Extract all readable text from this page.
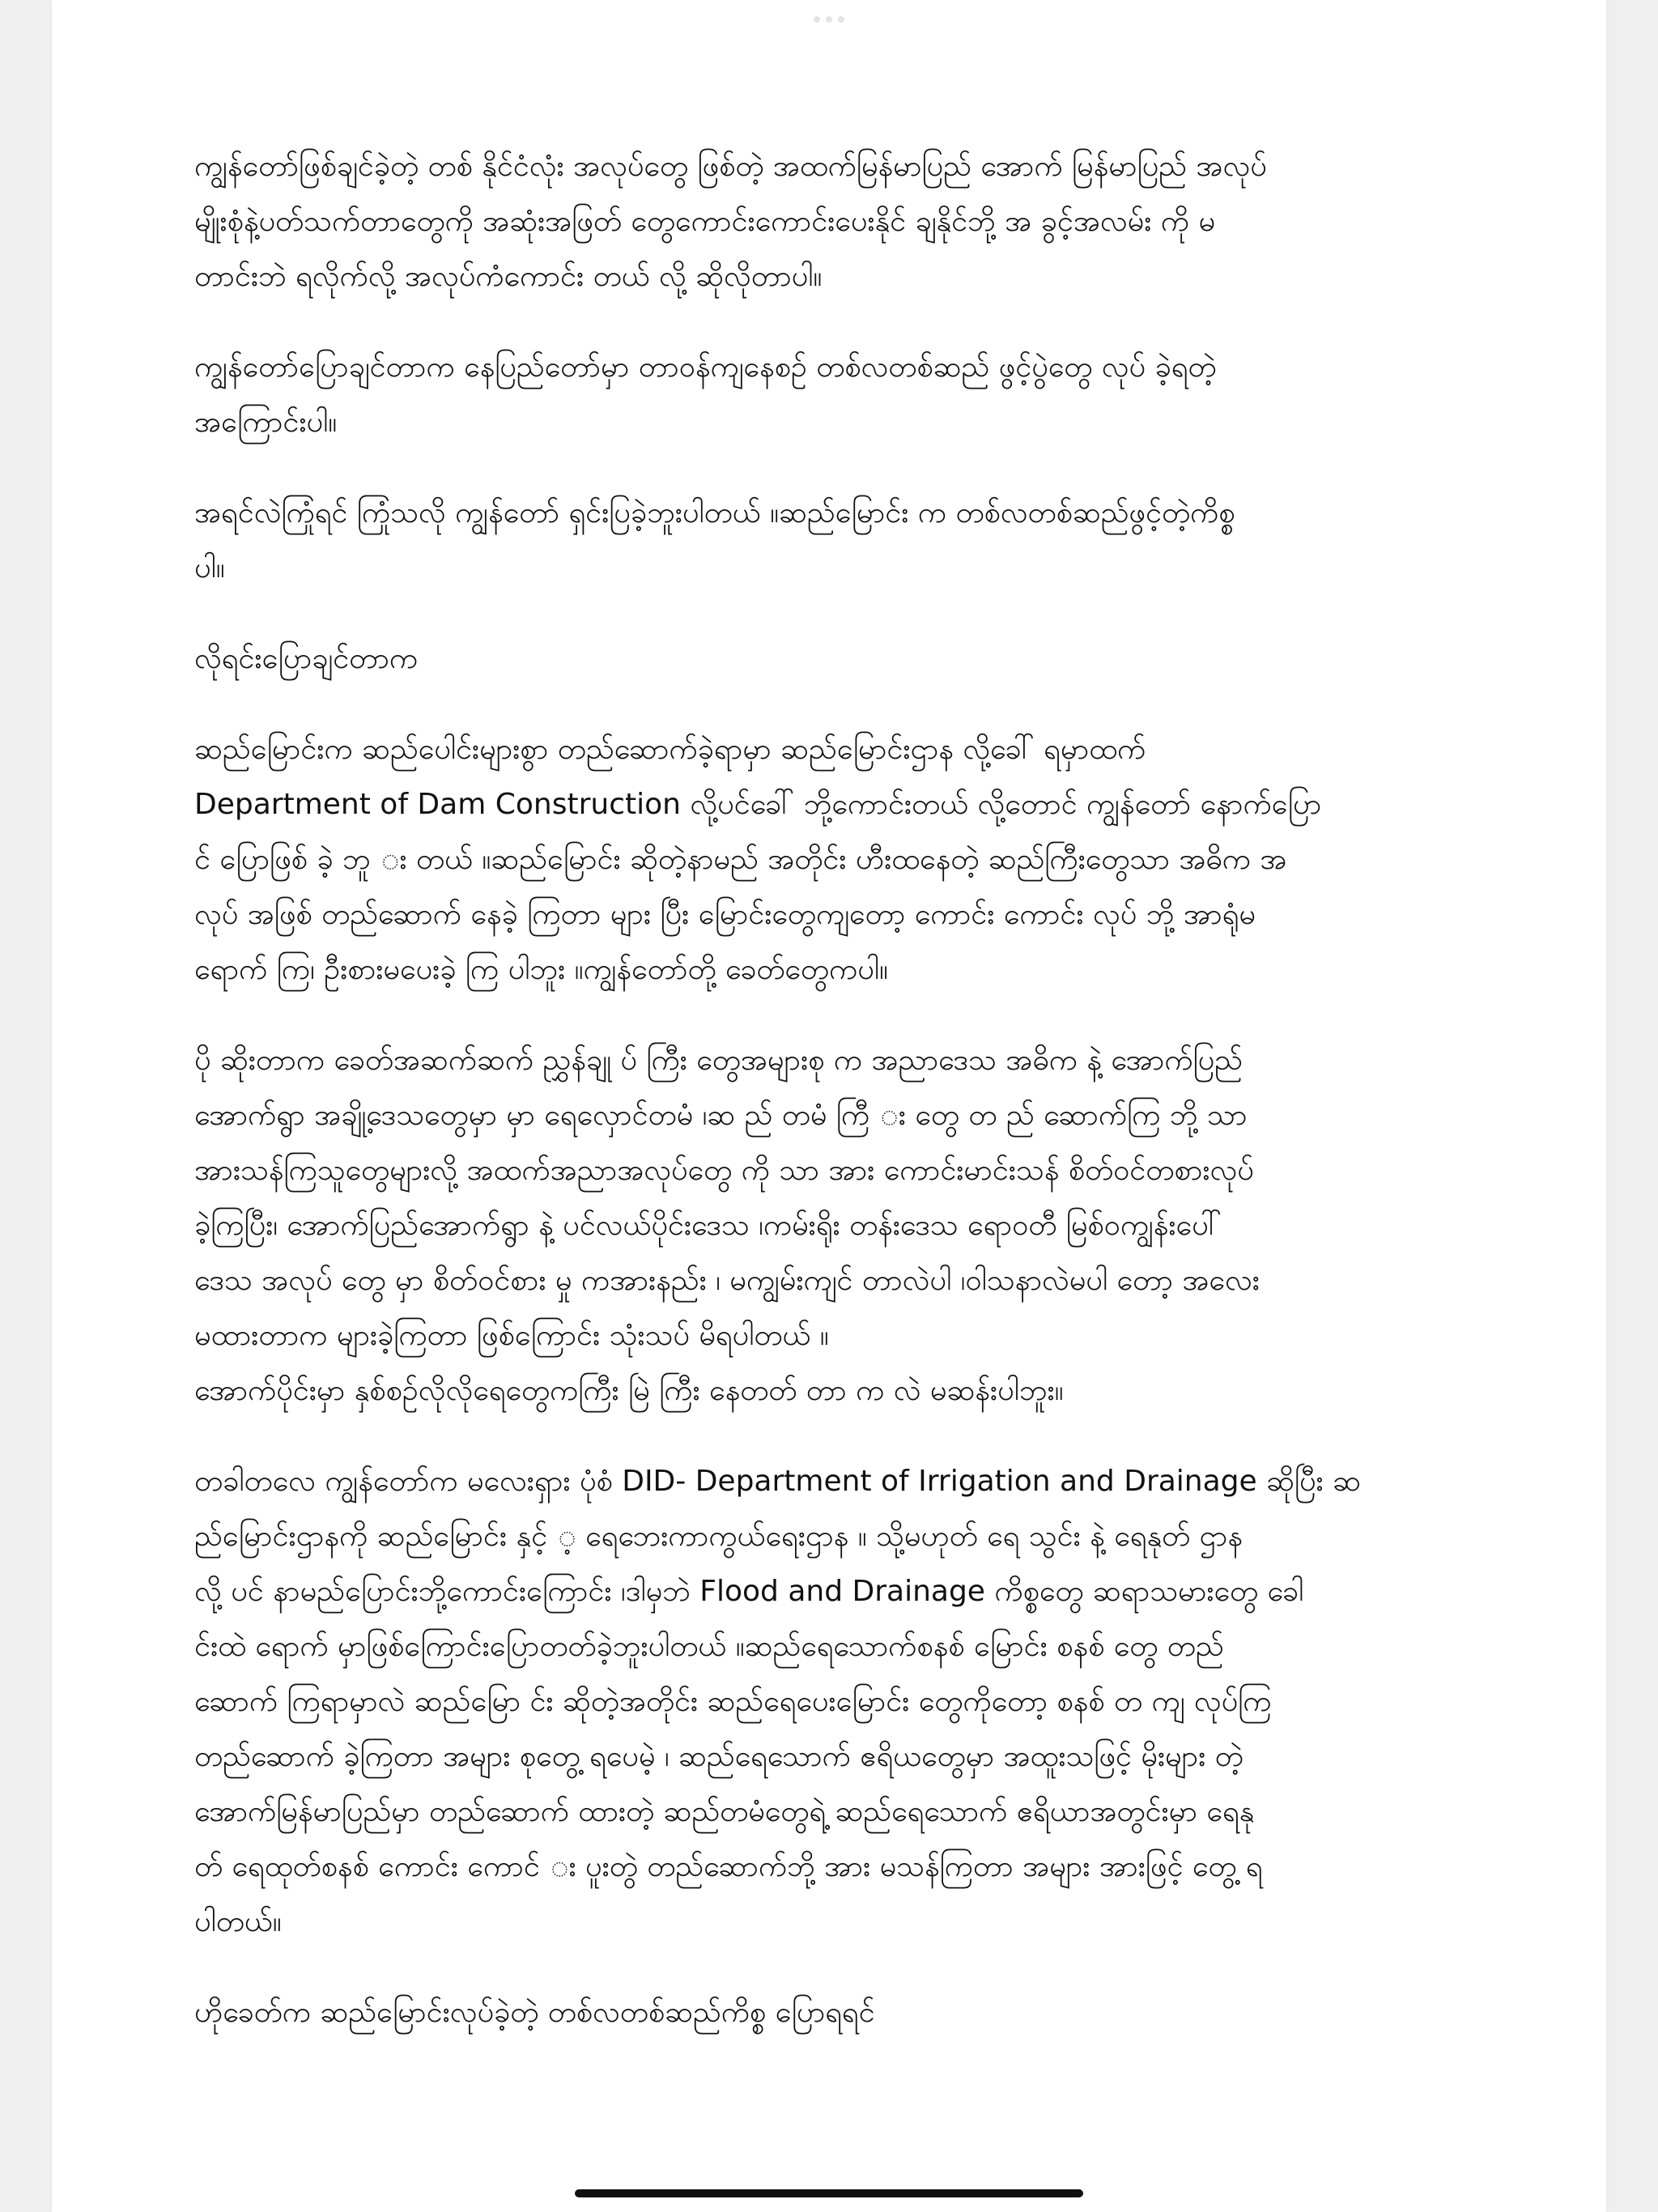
ကျွန်တော်ဖြစ်ချင်ခဲ့တဲ့ တစ် နိုင်ငံလုံး အလုပ်တွေ ဖြစ်တဲ့ အထက်မြန်မာပြည် အောက် မြန်မာပြည် အလုပ်
မျိုးစုံနဲ့ပတ်သက်တာတွေကို အဆုံးအဖြတ် တွေကောင်းကောင်းပေးနိုင် ချနိုင်ဘို့ အ ခွင့်အလမ်း ကို မ
တာင်းဘဲ ရလိုက်လို့ အလုပ်ကံကောင်း တယ် လို့ ဆိုလိုတာပါ။

ကျွန်တော်ပြောချင်တာက နေပြည်တော်မှာ တာဝန်ကျနေစဥ် တစ်လတစ်ဆည် ဖွင့်ပွဲတွေ လုပ် ခဲ့ရတဲ့
အကြောင်းပါ။

အရင်လဲကြုံရင် ကြုံသလို ကျွန်တော် ရှင်းပြခဲ့ဘူးပါတယ် ။ဆည်မြောင်း က တစ်လတစ်ဆည်ဖွင့်တဲ့ကိစ္စ
ပါ။

လိုရင်းပြောချင်တာက

ဆည်မြောင်းက ဆည်ပေါင်းများစွာ တည်ဆောက်ခဲ့ရာမှာ ဆည်မြောင်းဌာန လို့ခေါ် ရမှာထက်
Department of Dam Construction လို့ပင်ခေါ် ဘို့ကောင်းတယ် လို့တောင် ကျွန်တော် နောက်ပြော
င် ပြောဖြစ် ခဲ့ ဘူ း တယ် ။ဆည်မြောင်း ဆိုတဲ့နာမည် အတိုင်း ဟီးထနေတဲ့ ဆည်ကြီးတွေသာ အဓိက အ
လုပ် အဖြစ် တည်ဆောက် နေခဲ့ ကြတာ များ ပြီး မြောင်းတွေကျတော့ ကောင်း ကောင်း လုပ် ဘို့ အာရုံမ
ရောက် ကြ၊ ဦးစားမပေးခဲ့ ကြ ပါဘူး ။ကျွန်တော်တို့ ခေတ်တွေကပါ။

ပို ဆိုးတာက ခေတ်အဆက်ဆက် ညွှန်ချု ပ် ကြီး တွေအများစု က အညာဒေသ အဓိက နဲ့ အောက်ပြည်‌
အောက်ရွာ အချို့ဒေသတွေမှာ မှာ ရေလှောင်တမံ ၊ဆ ည် တမံ ကြီ း တွေ တ ည် ဆောက်ကြ ဘို့ သာ
အားသန်ကြသူတွေများလို့ အထက်အညာအလုပ်တွေ ကို သာ အား ကောင်းမာင်းသန် စိတ်ဝင်တစားလုပ်
ခဲ့ကြပြီး၊ အောက်ပြည်အောက်ရွာ နဲ့ ပင်လယ်ပိုင်းဒေသ ၊ကမ်းရိုး တန်းဒေသ ရောဝတီ မြစ်ဝကျွန်းပေါ်
ဒေသ အလုပ် တွေ မှာ စိတ်ဝင်စား မှု ကအားနည်း ၊ မကျွမ်းကျင် တာလဲပါ ၊ဝါသနာလဲမပါ တော့ အလေး
မထားတာက များခဲ့ကြတာ ဖြစ်ကြောင်း သုံးသပ် မိရပါတယ် ။
အောက်ပိုင်းမှာ နှစ်စဉ်လိုလိုရေတွေကကြီး မြဲ ကြီး နေတတ် တာ က လဲ မဆန်းပါဘူး။

တခါတလေ ကျွန်တော်က မလေးရှား ပုံစံ DID- Department of Irrigation and Drainage ဆိုပြီး ဆ
ည်မြောင်းဌာနကို ဆည်မြောင်း နှင့် ့ ရေဘေးကာကွယ်ရေးဌာန ။ သို့မဟုတ် ရေ သွင်း နဲ့ ရေနုတ် ဌာန
လို့ ပင် နာမည်ပြောင်းဘို့ကောင်းကြောင်း ၊ဒါမှဘဲ Flood and Drainage ကိစ္စတွေ ဆရာသမားတွေ ခေါ
င်းထဲ ရောက် မှာဖြစ်ကြောင်းပြောတတ်ခဲ့ဘူးပါတယ် ။ဆည်ရေသောက်စနစ် မြောင်း စနစ် တွေ တည်
ဆောက် ကြရာမှာလဲ ဆည်မြော င်း ဆိုတဲ့အတိုင်း ဆည်ရေပေးမြောင်း တွေကိုတော့ စနစ် တ ကျ လုပ်ကြ
တည်ဆောက် ခဲ့ကြတာ အများ စုတွေ့ ရပေမဲ့ ၊ ဆည်ရေသောက် ဧရိယတွေမှာ အထူးသဖြင့် မိုးများ တဲ့
အောက်မြန်မာပြည်မှာ တည်ဆောက် ထားတဲ့ ဆည်တမံတွေရဲ့ ဆည်ရေသောက် ဧရိယာအတွင်းမှာ ရေနု
တ် ရေထုတ်စနစ် ကောင်း ကောင် း ပူးတွဲ တည်ဆောက်ဘို့ အား မသန်ကြတာ အများ အားဖြင့် တွေ့ ရ
ပါတယ်။

ဟိုခေတ်က ဆည်မြောင်းလုပ်ခဲ့တဲ့ တစ်လတစ်ဆည်ကိစ္စ ပြောရရင်
